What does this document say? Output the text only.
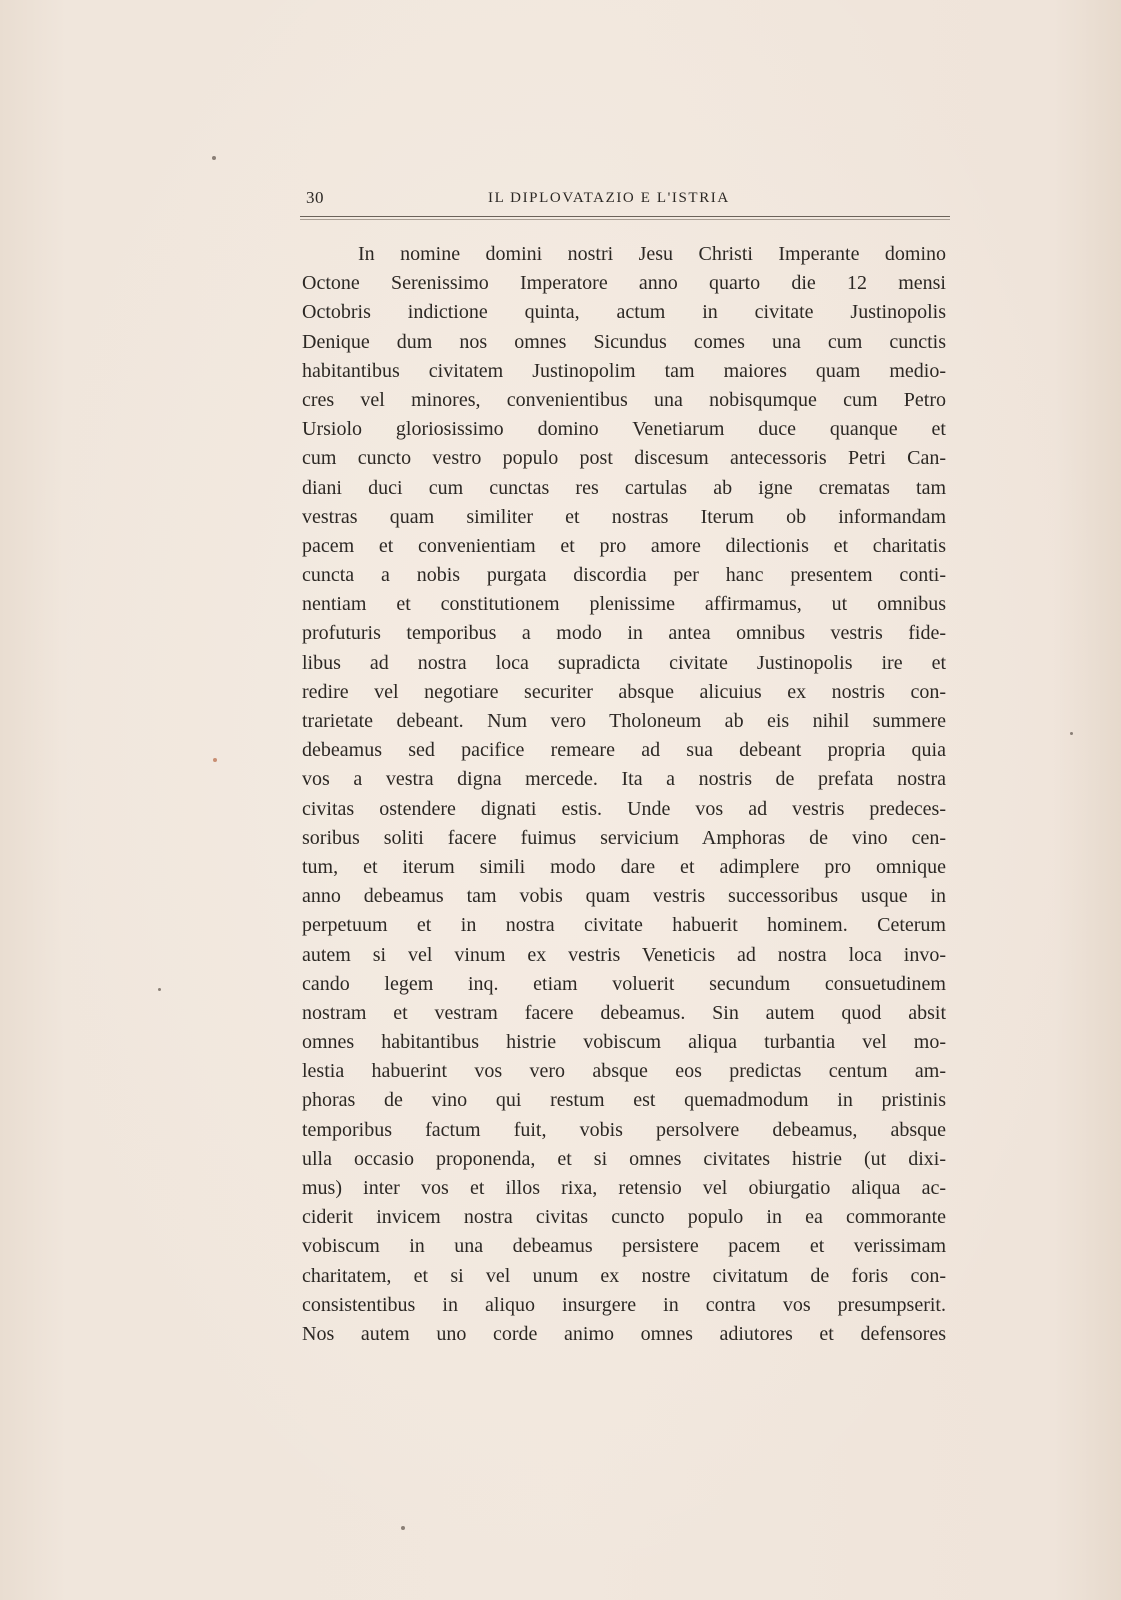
30	IL DIPLOVATAZIO E L'ISTRIA
In nomine domini nostri Jesu Christi Imperante domino
Octone Serenissimo Imperatore anno quarto die 12 mensi
Octobris indictione quinta, actum in civitate Justinopolis
Denique dum nos omnes Sicundus comes una cum cunctis
habitantibus civitatem Justinopolim tam maiores quam medio-
cres vel minores, convenientibus una nobisqumque cum Petro
Ursiolo gloriosissimo domino Venetiarum duce quanque et
cum cuncto vestro populo post discesum antecessoris Petri Can-
diani duci cum cunctas res cartulas ab igne crematas tam
vestras quam similiter et nostras Iterum ob informandam
pacem et convenientiam et pro amore dilectionis et charitatis
cuncta a nobis purgata discordia per hanc presentem conti-
nentiam et constitutionem plenissime affirmamus, ut omnibus
profuturis temporibus a modo in antea omnibus vestris fide-
libus ad nostra loca supradicta civitate Justinopolis ire et
redire vel negotiare securiter absque alicuius ex nostris con-
trarietate debeant. Num vero Tholoneum ab eis nihil summere
debeamus sed pacifice remeare ad sua debeant propria quia
vos a vestra digna mercede. Ita a nostris de prefata nostra
civitas ostendere dignati estis. Unde vos ad vestris predeces-
soribus soliti facere fuimus servicium Amphoras de vino cen-
tum, et iterum simili modo dare et adimplere pro omnique
anno debeamus tam vobis quam vestris successoribus usque in
perpetuum et in nostra civitate habuerit hominem. Ceterum
autem si vel vinum ex vestris Veneticis ad nostra loca invo-
cando legem inq. etiam voluerit secundum consuetudinem
nostram et vestram facere debeamus. Sin autem quod absit
omnes habitantibus histrie vobiscum aliqua turbantia vel mo-
lestia habuerint vos vero absque eos predictas centum am-
phoras de vino qui restum est quemadmodum in pristinis
temporibus factum fuit, vobis persolvere debeamus, absque
ulla occasio proponenda, et si omnes civitates histrie (ut dixi-
mus) inter vos et illos rixa, retensio vel obiurgatio aliqua ac-
ciderit invicem nostra civitas cuncto populo in ea commorante
vobiscum in una debeamus persistere pacem et verissimam
charitatem, et si vel unum ex nostre civitatum de foris con-
consistentibus in aliquo insurgere in contra vos presumpserit.
Nos autem uno corde animo omnes adiutores et defensores
